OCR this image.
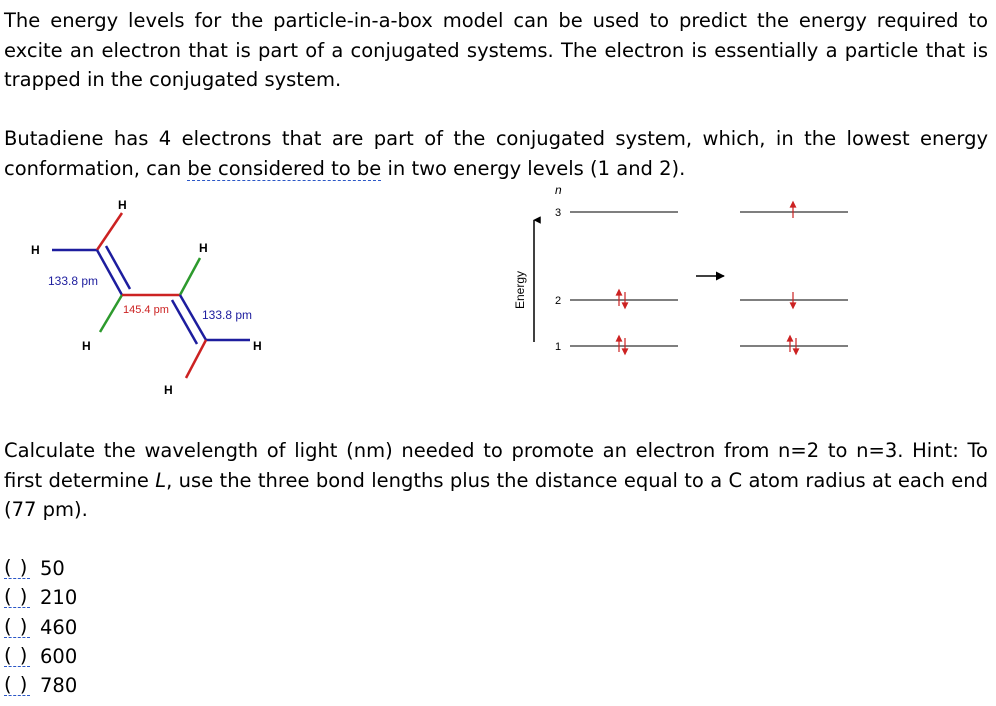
The energy levels for the particle-in-a-box model can be used to predict the energy required to excite an electron that is part of a conjugated systems. The electron is essentially a particle that is trapped in the conjugated system.

Butadiene has 4 electrons that are part of the conjugated system, which, in the lowest energy conformation, can be considered to be in two energy levels (1 and 2).

H
H	H
H	H
H
133.8 pm
145.4 pm	133.8 pm
Energy
n
3
2
1

Calculate the wavelength of light (nm) needed to promote an electron from n=2 to n=3. Hint: To first determine L, use the three bond lengths plus the distance equal to a C atom radius at each end (77 pm).

( ) 50
( ) 210
( ) 460
( ) 600
( ) 780
